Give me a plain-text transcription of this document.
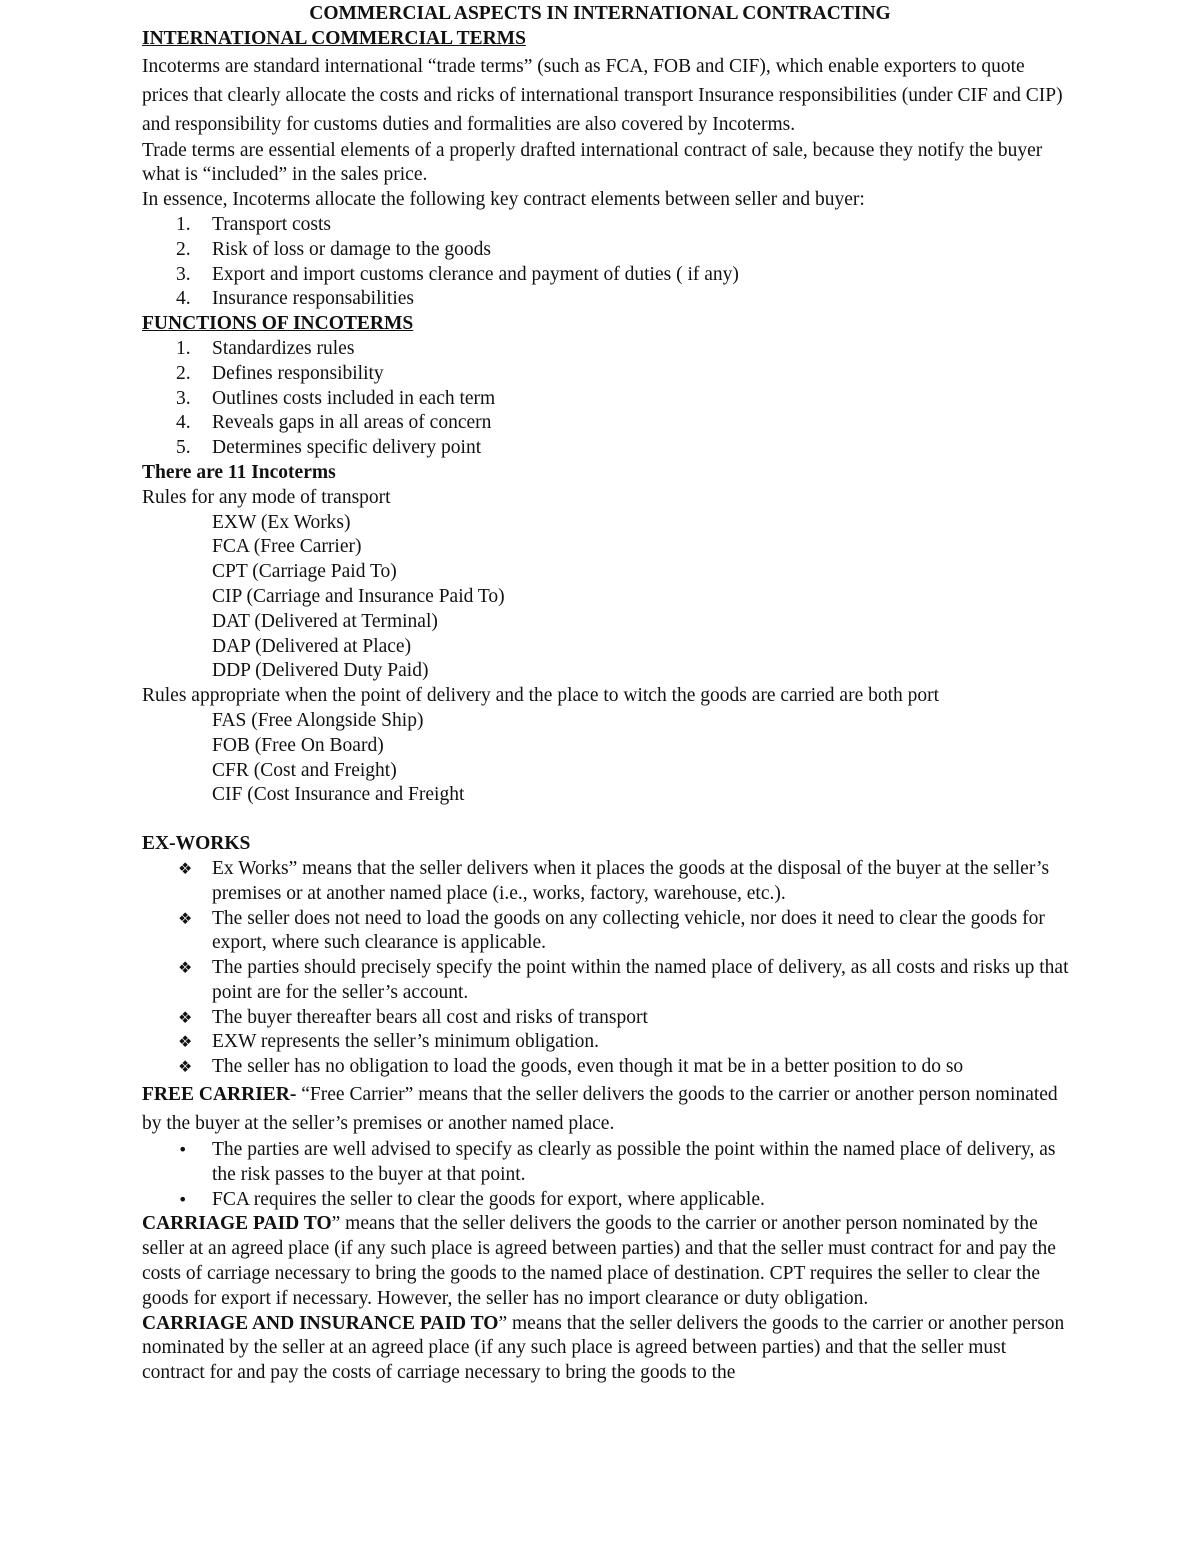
COMMERCIAL ASPECTS IN INTERNATIONAL CONTRACTING
INTERNATIONAL COMMERCIAL TERMS

Incoterms are standard international “trade terms” (such as FCA, FOB and CIF), which enable exporters to quote prices that clearly allocate the costs and ricks of international transport Insurance responsibilities (under CIF and CIP) and responsibility for customs duties and formalities are also covered by Incoterms.

Trade terms are essential elements of a properly drafted international contract of sale, because they notify the buyer what is “included” in the sales price.

In essence, Incoterms allocate the following key contract elements between seller and buyer:

1.	Transport costs
2.	Risk of loss or damage to the goods
3.	Export and import customs clerance and payment of duties ( if any)
4.	Insurance responsabilities
FUNCTIONS OF INCOTERMS
1.	Standardizes rules
2.	Defines responsibility
3.	Outlines costs included in each term
4.	Reveals gaps in all areas of concern
5.	Determines specific delivery point
There are 11 Incoterms

Rules for any mode of transport

EXW (Ex Works)
FCA (Free Carrier)
CPT (Carriage Paid To)
CIP (Carriage and Insurance Paid To)
DAT (Delivered at Terminal)
DAP (Delivered at Place)
DDP (Delivered Duty Paid)

Rules appropriate when the point of delivery and the place to witch the goods are carried are both port

FAS (Free Alongside Ship)
FOB (Free On Board)
CFR (Cost and Freight)
CIF (Cost Insurance and Freight
EX-WORKS
❖ Ex Works” means that the seller delivers when it places the goods at the disposal of the buyer at the seller’s premises or at another named place (i.e., works, factory, warehouse, etc.).
❖ The seller does not need to load the goods on any collecting vehicle, nor does it need to clear the goods for export, where such clearance is applicable.
❖ The parties should precisely specify the point within the named place of delivery, as all costs and risks up that point are for the seller’s account.
❖ The buyer thereafter bears all cost and risks of transport
❖ EXW represents the seller’s minimum obligation.
❖ The seller has no obligation to load the goods, even though it mat be in a better position to do so

FREE CARRIER- “Free Carrier” means that the seller delivers the goods to the carrier or another person nominated by the buyer at the seller’s premises or another named place.

• The parties are well advised to specify as clearly as possible the point within the named place of delivery, as the risk passes to the buyer at that point.
• FCA requires the seller to clear the goods for export, where applicable.

CARRIAGE PAID TO” means that the seller delivers the goods to the carrier or another person nominated by the seller at an agreed place (if any such place is agreed between parties) and that the seller must contract for and pay the costs of carriage necessary to bring the goods to the named place of destination. CPT requires the seller to clear the goods for export if necessary. However, the seller has no import clearance or duty obligation.

CARRIAGE AND INSURANCE PAID TO” means that the seller delivers the goods to the carrier or another person nominated by the seller at an agreed place (if any such place is agreed between parties) and that the seller must contract for and pay the costs of carriage necessary to bring the goods to the
